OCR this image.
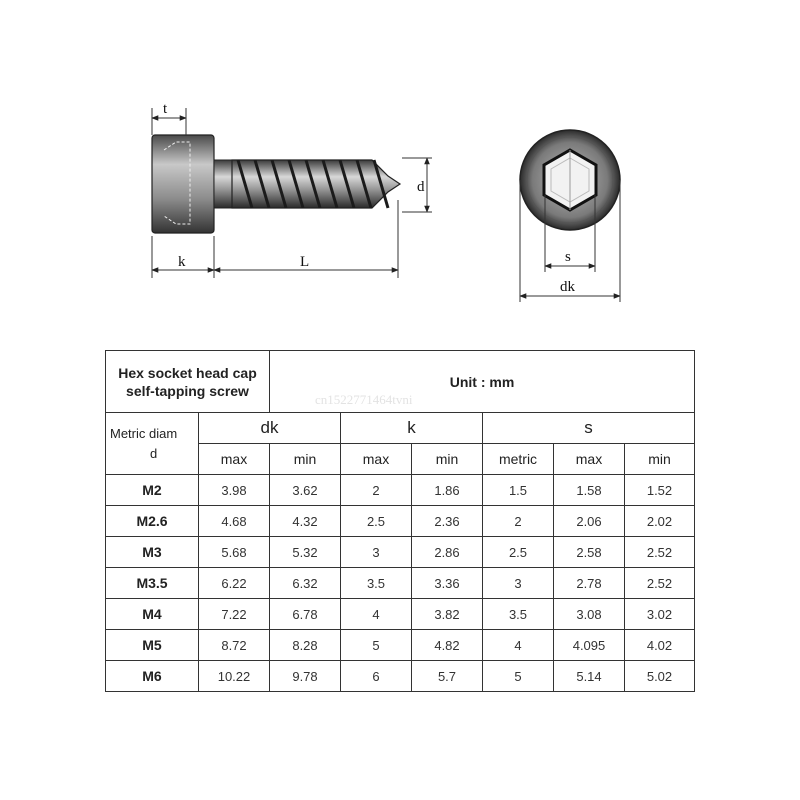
t
k	L
d
s
dk
Hex socket head cap
self-tapping screw		Unit : mm					

Metric diam
d	dk		k		s		
	max	min	max	min	metric	max	min
M2	3.98	3.62	2	1.86	1.5	1.58	1.52
M2.6	4.68	4.32	2.5	2.36	2	2.06	2.02
M3	5.68	5.32	3	2.86	2.5	2.58	2.52
M3.5	6.22	6.32	3.5	3.36	3	2.78	2.52
M4	7.22	6.78	4	3.82	3.5	3.08	3.02
M5	8.72	8.28	5	4.82	4	4.095	4.02
M6	10.22	9.78	6	5.7	5	5.14	5.02
cn1522771464tvni
